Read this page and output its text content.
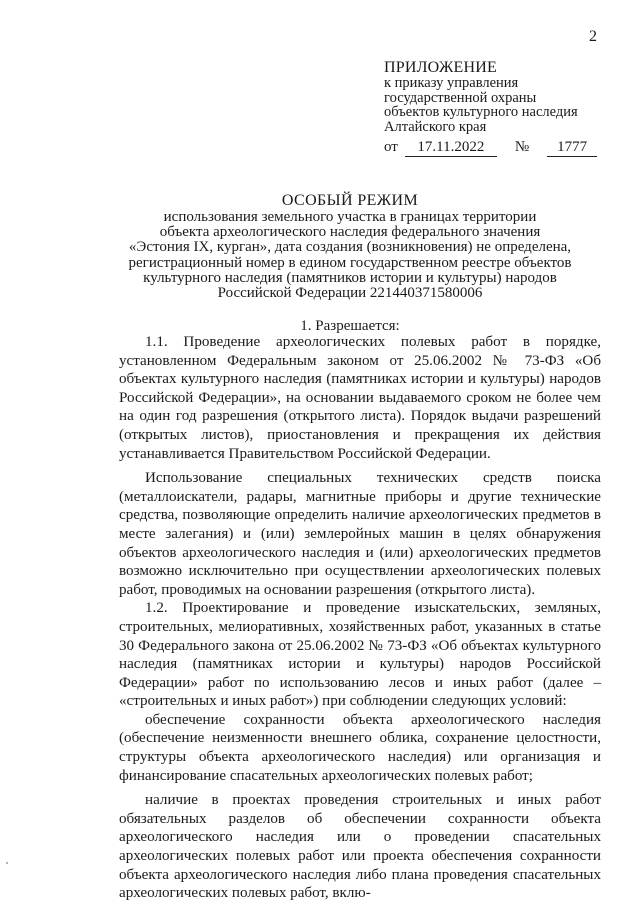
2
ПРИЛОЖЕНИЕ
к приказу управления
государственной охраны
объектов культурного наследия
Алтайского края
от 17.11.2022 № 1777
ОСОБЫЙ РЕЖИМ
использования земельного участка в границах территории
объекта археологического наследия федерального значения
«Эстония IX, курган», дата создания (возникновения) не определена,
регистрационный номер в едином государственном реестре объектов
культурного наследия (памятников истории и культуры) народов
Российской Федерации 221440371580006
1. Разрешается:

1.1. Проведение археологических полевых работ в порядке, установленном Федеральным законом от 25.06.2002 № 73-ФЗ «Об объектах культурного наследия (памятниках истории и культуры) народов Российской Федерации», на основании выдаваемого сроком не более чем на один год разрешения (открытого листа). Порядок выдачи разрешений (открытых листов), приостановления и прекращения их действия устанавливается Правительством Российской Федерации.

Использование специальных технических средств поиска (металлоискатели, радары, магнитные приборы и другие технические средства, позволяющие определить наличие археологических предметов в месте залегания) и (или) землеройных машин в целях обнаружения объектов археологического наследия и (или) археологических предметов возможно исключительно при осуществлении археологических полевых работ, проводимых на основании разрешения (открытого листа).

1.2. Проектирование и проведение изыскательских, земляных, строительных, мелиоративных, хозяйственных работ, указанных в статье 30 Федерального закона от 25.06.2002 № 73-ФЗ «Об объектах культурного наследия (памятниках истории и культуры) народов Российской Федерации» работ по использованию лесов и иных работ (далее – «строительных и иных работ») при соблюдении следующих условий:

обеспечение сохранности объекта археологического наследия (обеспечение неизменности внешнего облика, сохранение целостности, структуры объекта археологического наследия) или организация и финансирование спасательных археологических полевых работ;

наличие в проектах проведения строительных и иных работ обязательных разделов об обеспечении сохранности объекта археологического наследия или о проведении спасательных археологических полевых работ или проекта обеспечения сохранности объекта археологического наследия либо плана проведения спасательных археологических полевых работ, вклю-
